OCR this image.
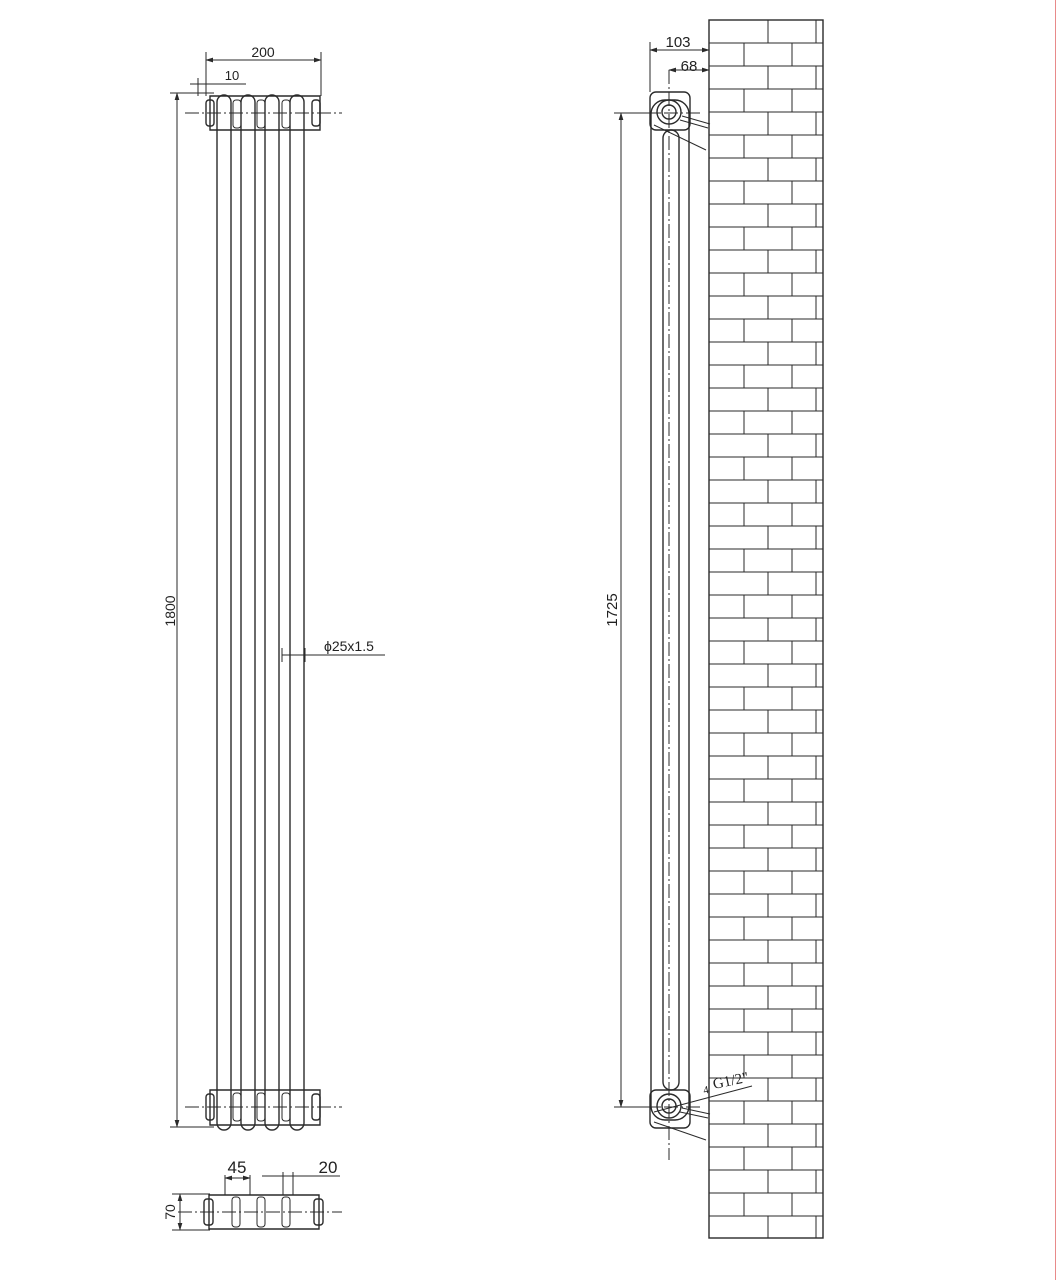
200
10
1800
ϕ25x1.5
45	20
70
103
68
1725
4 G1/2"
